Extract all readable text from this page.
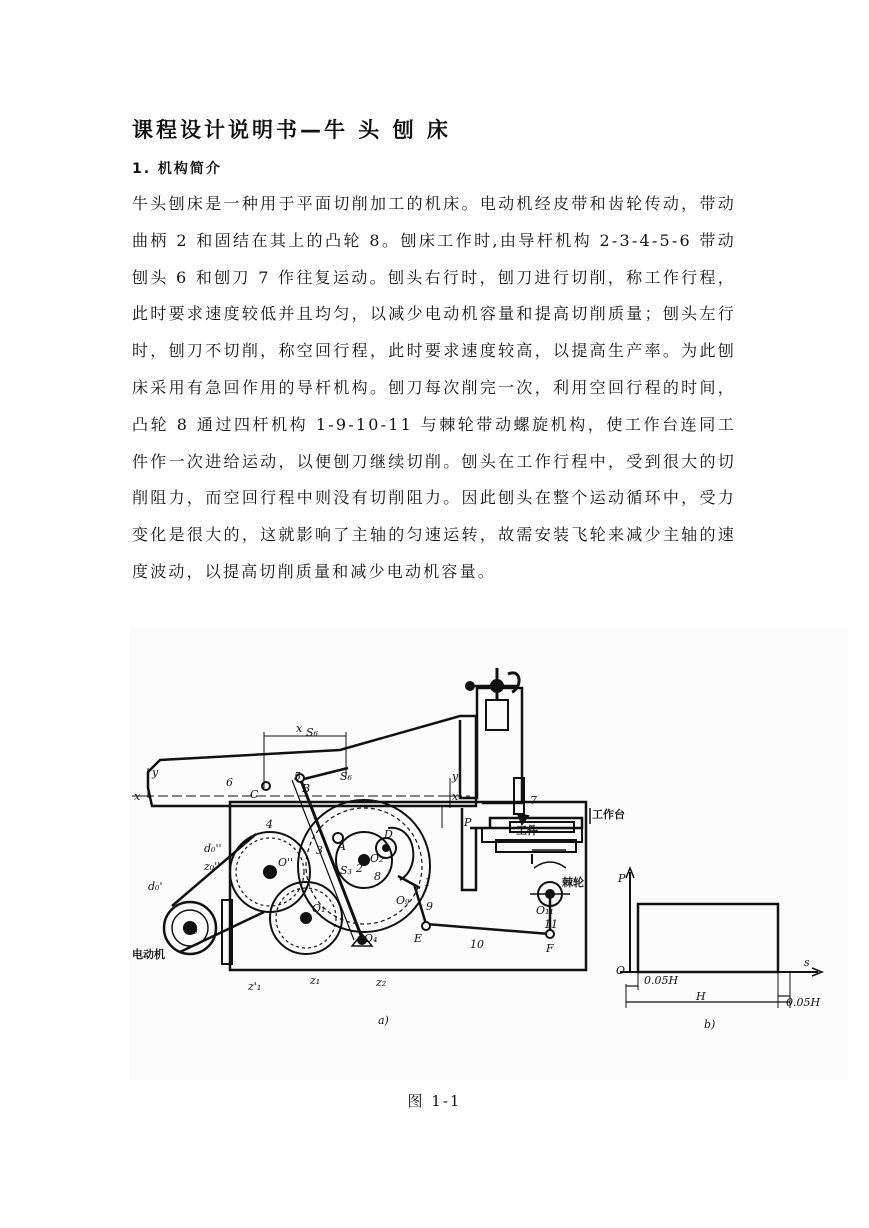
课程设计说明书—牛 头 刨 床
1. 机构简介

牛头刨床是一种用于平面切削加工的机床。电动机经皮带和齿轮传动，带动曲柄 2 和固结在其上的凸轮 8。刨床工作时,由导杆机构 2-3-4-5-6 带动刨头 6 和刨刀 7 作往复运动。刨头右行时，刨刀进行切削，称工作行程，此时要求速度较低并且均匀，以减少电动机容量和提高切削质量；刨头左行时，刨刀不切削，称空回行程，此时要求速度较高，以提高生产率。为此刨床采用有急回作用的导杆机构。刨刀每次削完一次，利用空回行程的时间，凸轮 8 通过四杆机构 1-9-10-11 与棘轮带动螺旋机构，使工作台连同工件作一次进给运动，以便刨刀继续切削。刨头在工作行程中，受到很大的切削阻力，而空回行程中则没有切削阻力。因此刨头在整个运动循环中，受力变化是很大的，这就影响了主轴的匀速运转，故需安装飞轮来减少主轴的速度波动，以提高切削质量和减少电动机容量。

电动机
工作台
工件
棘轮
a)
x S₆
y	y
x	x
C	B
S₆
5
6
4
3 A
S₃ 2
8
D
1
O₉ 9
7
P
E	10	F
O₁₁
11
O₄
O₁
O₂
O''
O₀
d₀''
z₀''
d₀'
z'₁	z₁	z₂
P
s
O
0.05H
H	0.05H
b)
图 1-1
